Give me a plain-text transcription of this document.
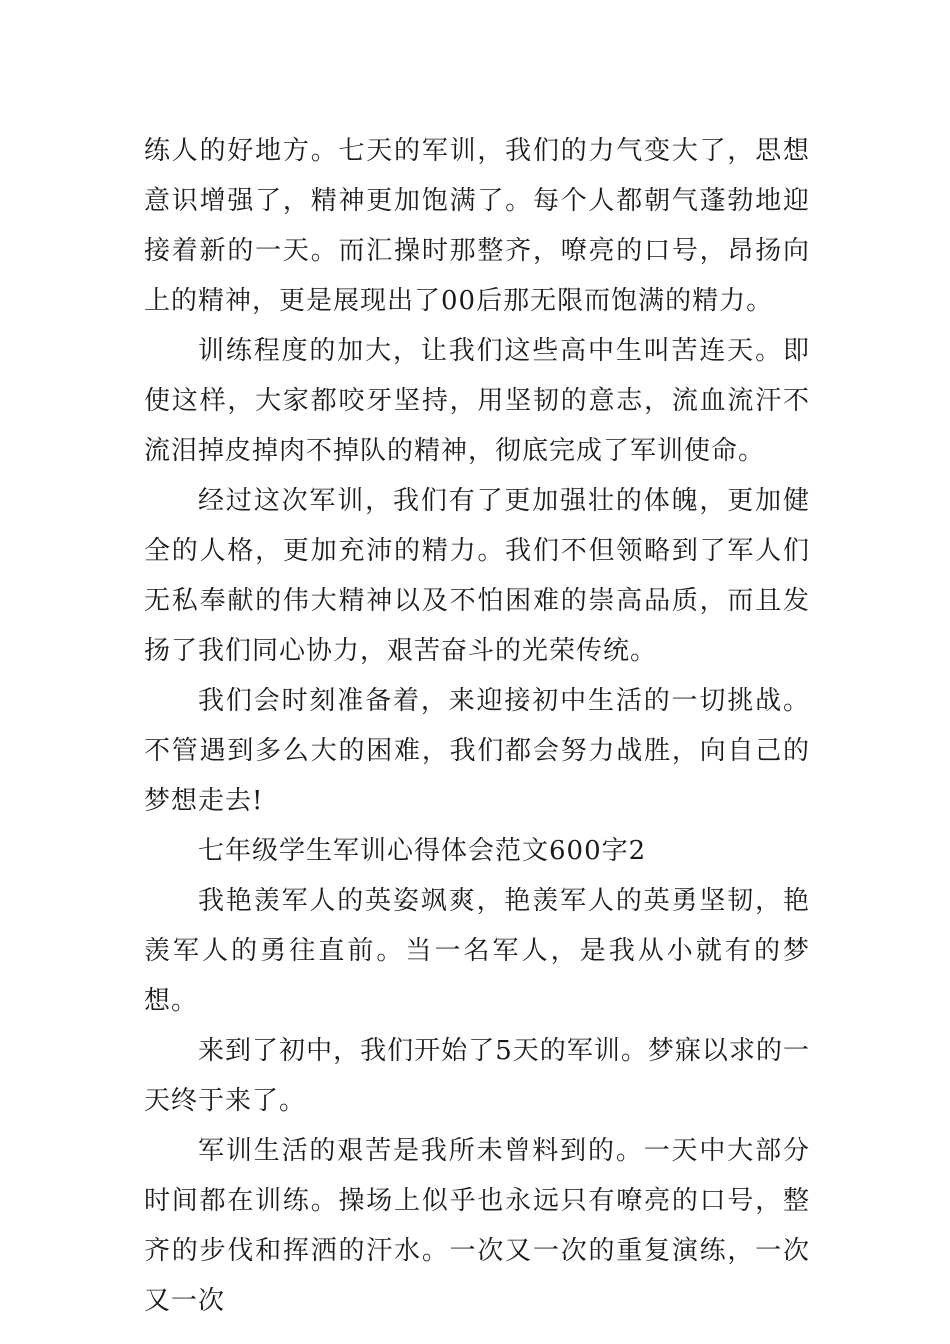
练人的好地方。七天的军训，我们的力气变大了，思想意识增强了，精神更加饱满了。每个人都朝气蓬勃地迎接着新的一天。而汇操时那整齐，嘹亮的口号，昂扬向上的精神，更是展现出了00后那无限而饱满的精力。

训练程度的加大，让我们这些高中生叫苦连天。即使这样，大家都咬牙坚持，用坚韧的意志，流血流汗不流泪掉皮掉肉不掉队的精神，彻底完成了军训使命。

经过这次军训，我们有了更加强壮的体魄，更加健全的人格，更加充沛的精力。我们不但领略到了军人们无私奉献的伟大精神以及不怕困难的崇高品质，而且发扬了我们同心协力，艰苦奋斗的光荣传统。

我们会时刻准备着，来迎接初中生活的一切挑战。不管遇到多么大的困难，我们都会努力战胜，向自己的梦想走去!

七年级学生军训心得体会范文600字2

我艳羡军人的英姿飒爽，艳羡军人的英勇坚韧，艳羡军人的勇往直前。当一名军人，是我从小就有的梦想。

来到了初中，我们开始了5天的军训。梦寐以求的一天终于来了。

军训生活的艰苦是我所未曾料到的。一天中大部分时间都在训练。操场上似乎也永远只有嘹亮的口号，整齐的步伐和挥洒的汗水。一次又一次的重复演练，一次又一次
